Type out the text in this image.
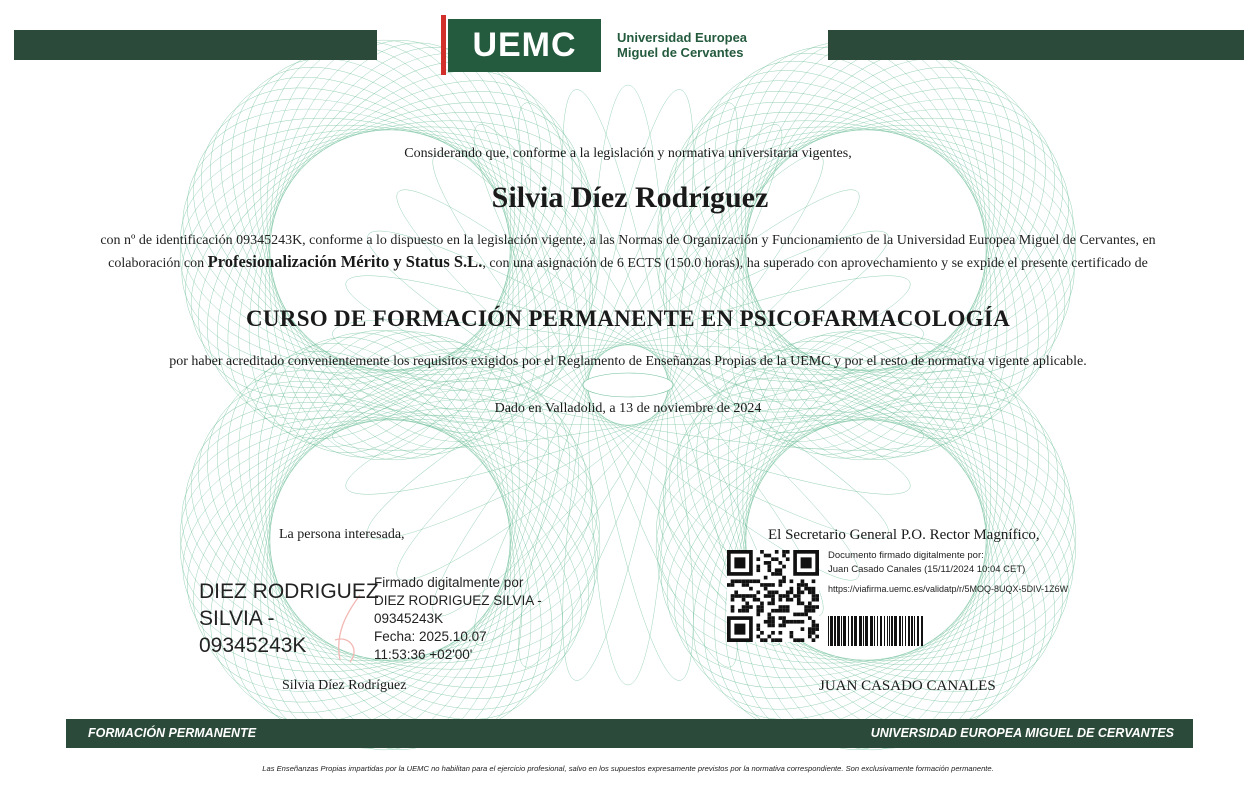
UEMC	Universidad Europea
Miguel de Cervantes
Considerando que, conforme a la legislación y normativa universitaria vigentes,
Silvia Díez Rodríguez
con nº de identificación 09345243K, conforme a lo dispuesto en la legislación vigente, a las Normas de Organización y Funcionamiento de la Universidad Europea Miguel de Cervantes, en colaboración con Profesionalización Mérito y Status S.L., con una asignación de 6 ECTS (150.0 horas), ha superado con aprovechamiento y se expide el presente certificado de
CURSO DE FORMACIÓN PERMANENTE EN PSICOFARMACOLOGÍA
por haber acreditado convenientemente los requisitos exigidos por el Reglamento de Enseñanzas Propias de la UEMC y por el resto de normativa vigente aplicable.
Dado en Valladolid, a 13 de noviembre de 2024
La persona interesada,
DIEZ RODRIGUEZ
SILVIA -
09345243K
Firmado digitalmente por
DIEZ RODRIGUEZ SILVIA -
09345243K
Fecha: 2025.10.07
11:53:36 +02'00'
Silvia Díez Rodríguez
El Secretario General P.O. Rector Magnífico,
Documento firmado digitalmente por:
Juan Casado Canales (15/11/2024 10:04 CET)
https://viafirma.uemc.es/validatp/r/5MOQ-8UQX-5DIV-1Z6W
JUAN CASADO CANALES
FORMACIÓN PERMANENTE	UNIVERSIDAD EUROPEA MIGUEL DE CERVANTES
Las Enseñanzas Propias impartidas por la UEMC no habilitan para el ejercicio profesional, salvo en los supuestos expresamente previstos por la normativa correspondiente. Son exclusivamente formación permanente.
